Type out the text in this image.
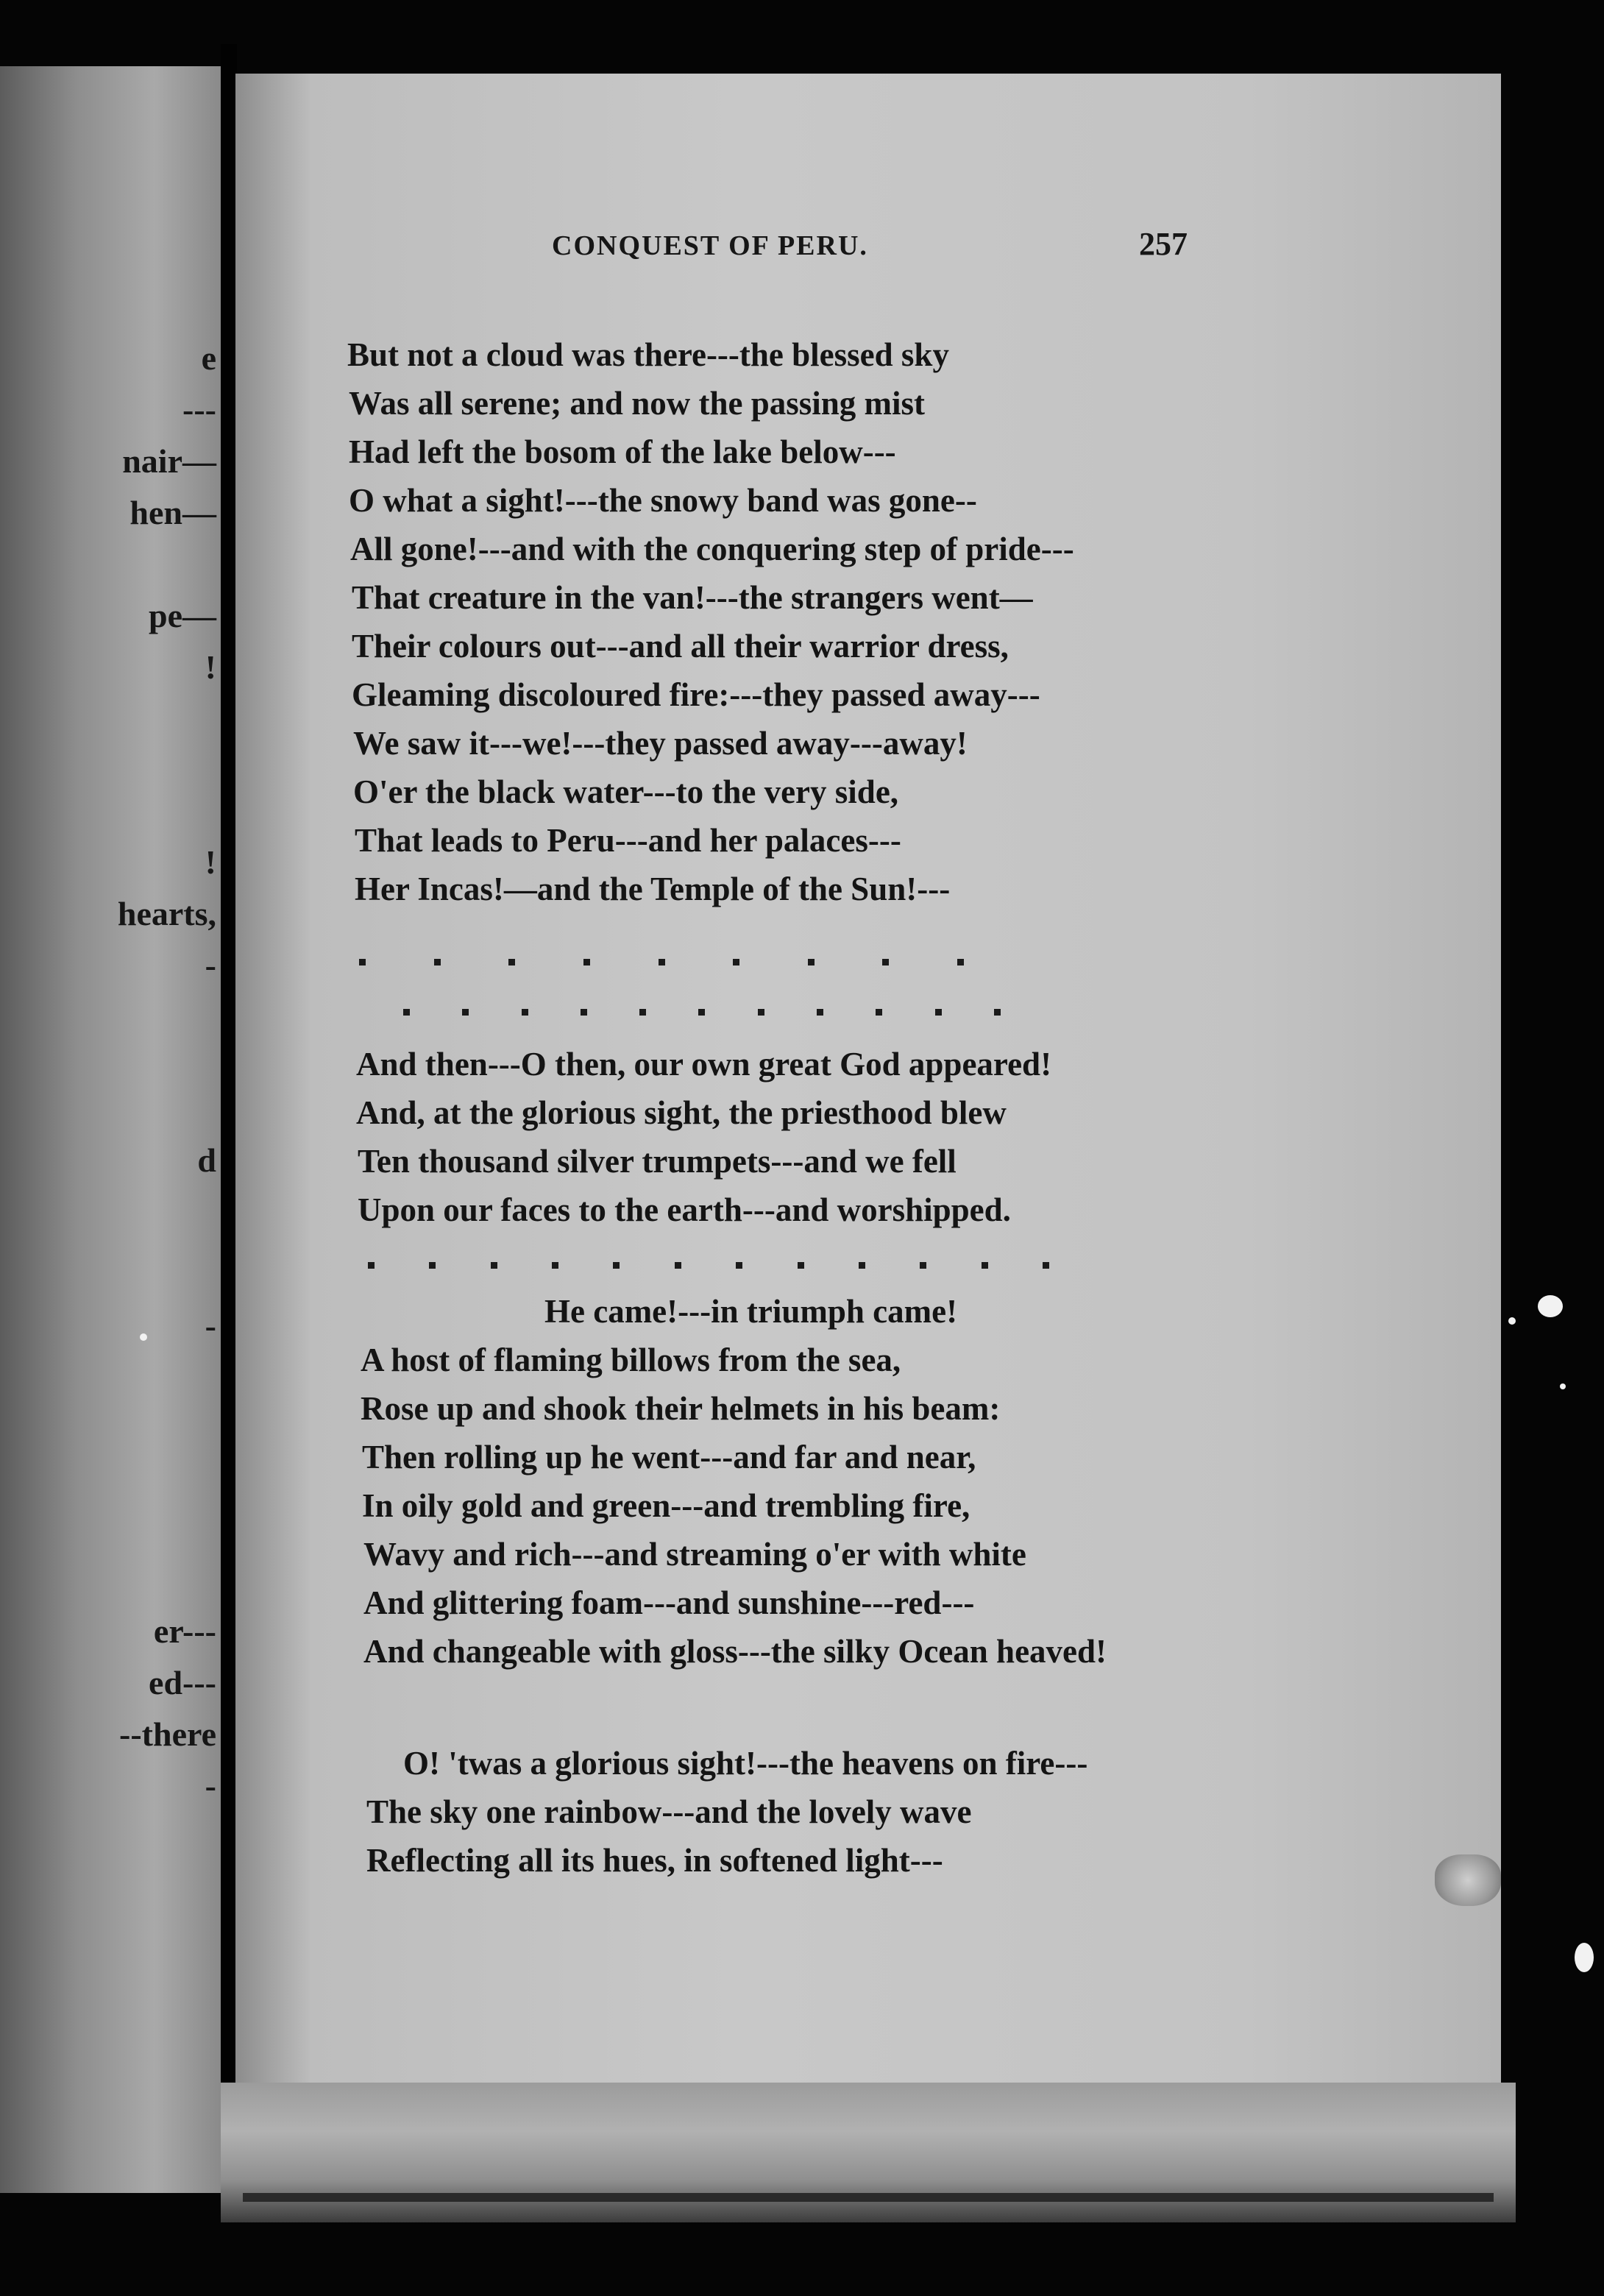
e
---
nair—
hen—
pe—
!
!
hearts,
-
d
-
er---
ed---
--there
-
CONQUEST OF PERU.	257
But not a cloud was there---the blessed sky
Was all serene; and now the passing mist
Had left the bosom of the lake below---
O what a sight!---the snowy band was gone--
All gone!---and with the conquering step of pride---
That creature in the van!---the strangers went—
Their colours out---and all their warrior dress,
Gleaming discoloured fire:---they passed away---
We saw it---we!---they passed away---away!
O'er the black water---to the very side,
That leads to Peru---and her palaces---
Her Incas!—and the Temple of the Sun!---
And then---O then, our own great God appeared!
And, at the glorious sight, the priesthood blew
Ten thousand silver trumpets---and we fell
Upon our faces to the earth---and worshipped.
He came!---in triumph came!
A host of flaming billows from the sea,
Rose up and shook their helmets in his beam:
Then rolling up he went---and far and near,
In oily gold and green---and trembling fire,
Wavy and rich---and streaming o'er with white
And glittering foam---and sunshine---red---
And changeable with gloss---the silky Ocean heaved!
O! 'twas a glorious sight!---the heavens on fire---
The sky one rainbow---and the lovely wave
Reflecting all its hues, in softened light---
